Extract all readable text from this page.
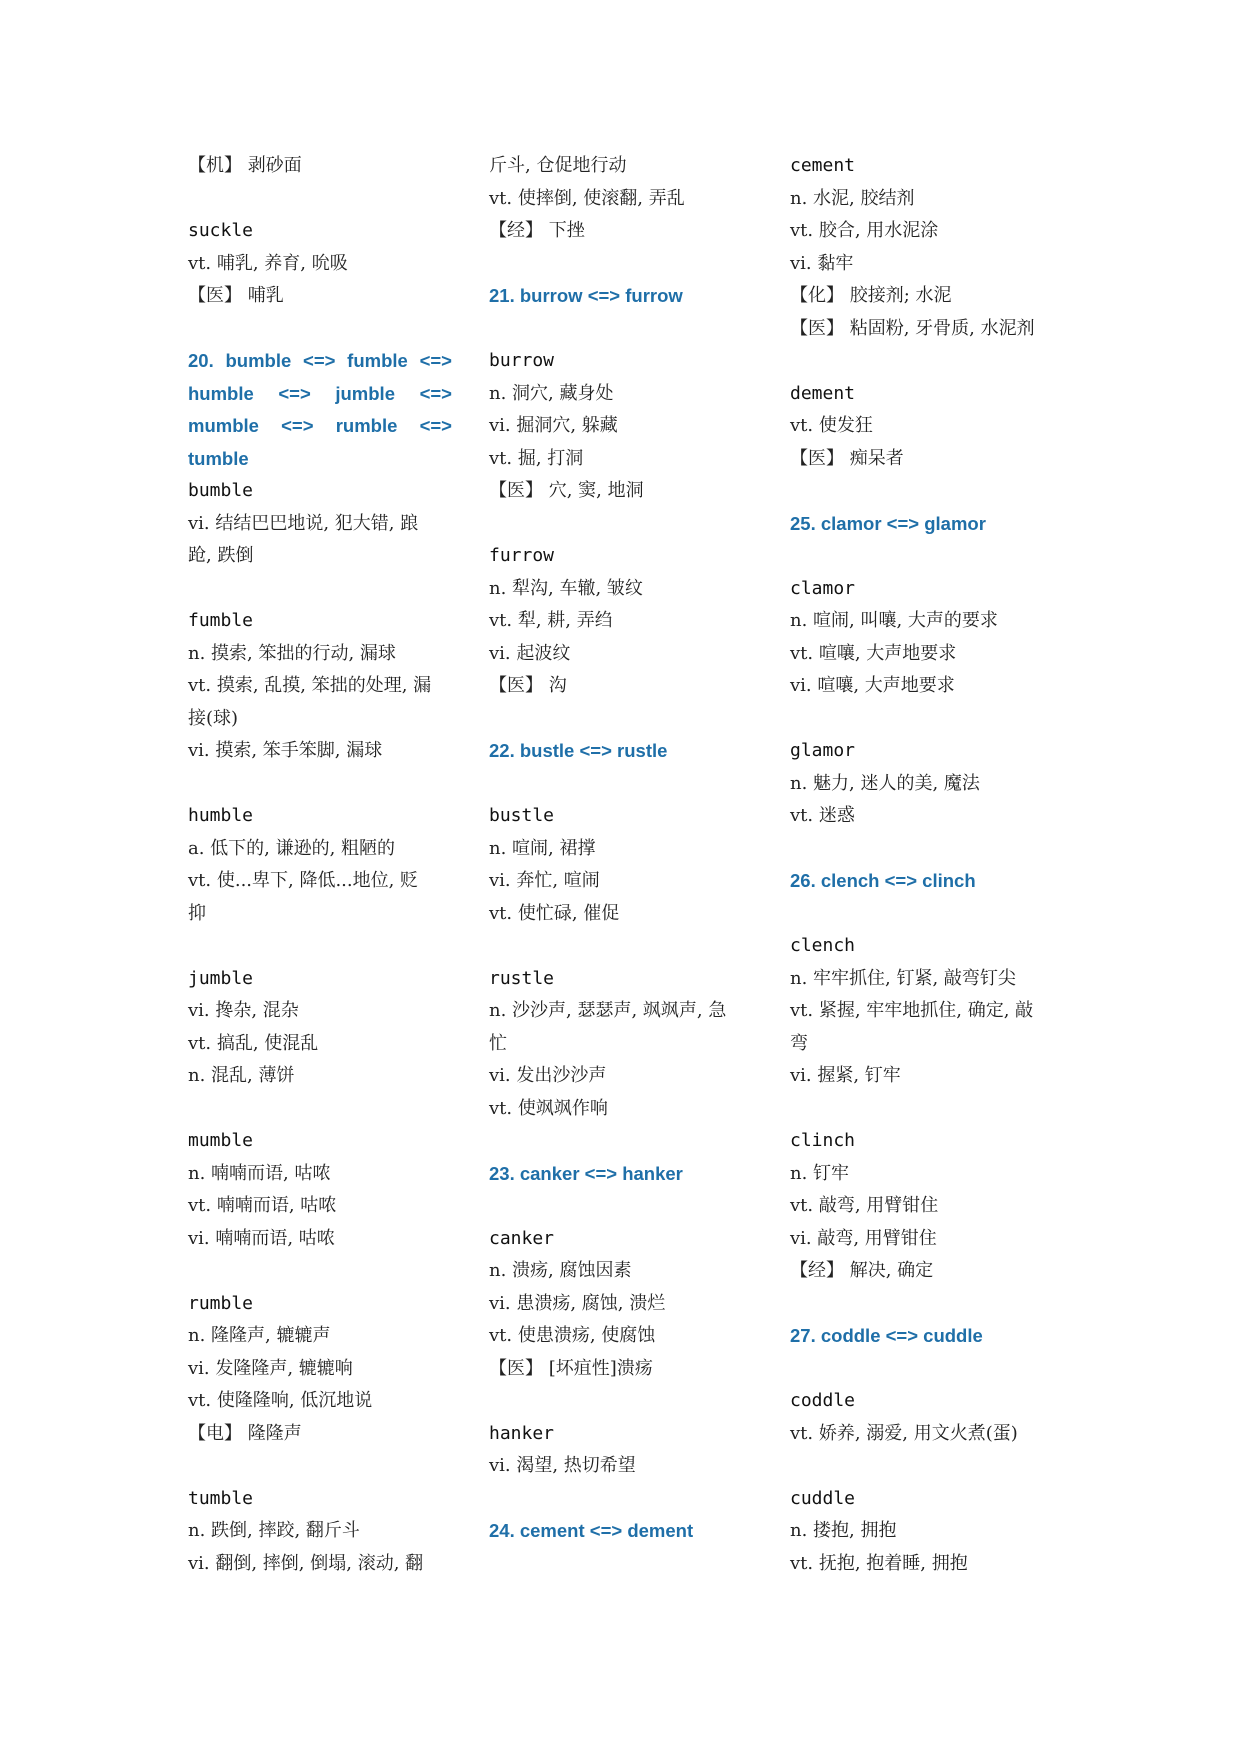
【机】 剥砂面
suckle
vt. 哺乳, 养育, 吮吸
【医】 哺乳
20. bumble <=> fumble <=>
humble <=> jumble <=>
mumble <=> rumble <=>
tumble
bumble
vi. 结结巴巴地说, 犯大错, 踉
跄, 跌倒
fumble
n. 摸索, 笨拙的行动, 漏球
vt. 摸索, 乱摸, 笨拙的处理, 漏
接(球)
vi. 摸索, 笨手笨脚, 漏球
humble
a. 低下的, 谦逊的, 粗陋的
vt. 使...卑下, 降低...地位, 贬
抑
jumble
vi. 搀杂, 混杂
vt. 搞乱, 使混乱
n. 混乱, 薄饼
mumble
n. 喃喃而语, 咕哝
vt. 喃喃而语, 咕哝
vi. 喃喃而语, 咕哝
rumble
n. 隆隆声, 辘辘声
vi. 发隆隆声, 辘辘响
vt. 使隆隆响, 低沉地说
【电】 隆隆声
tumble
n. 跌倒, 摔跤, 翻斤斗
vi. 翻倒, 摔倒, 倒塌, 滚动, 翻
斤斗, 仓促地行动
vt. 使摔倒, 使滚翻, 弄乱
【经】 下挫
21. burrow <=> furrow
burrow
n. 洞穴, 藏身处
vi. 掘洞穴, 躲藏
vt. 掘, 打洞
【医】 穴, 窦, 地洞
furrow
n. 犁沟, 车辙, 皱纹
vt. 犁, 耕, 弄绉
vi. 起波纹
【医】 沟
22. bustle <=> rustle
bustle
n. 喧闹, 裙撑
vi. 奔忙, 喧闹
vt. 使忙碌, 催促
rustle
n. 沙沙声, 瑟瑟声, 飒飒声, 急
忙
vi. 发出沙沙声
vt. 使飒飒作响
23. canker <=> hanker
canker
n. 溃疡, 腐蚀因素
vi. 患溃疡, 腐蚀, 溃烂
vt. 使患溃疡, 使腐蚀
【医】 [坏疽性]溃疡
hanker
vi. 渴望, 热切希望
24. cement <=> dement
cement
n. 水泥, 胶结剂
vt. 胶合, 用水泥涂
vi. 黏牢
【化】 胶接剂; 水泥
【医】 粘固粉, 牙骨质, 水泥剂
dement
vt. 使发狂
【医】 痴呆者
25. clamor <=> glamor
clamor
n. 喧闹, 叫嚷, 大声的要求
vt. 喧嚷, 大声地要求
vi. 喧嚷, 大声地要求
glamor
n. 魅力, 迷人的美, 魔法
vt. 迷惑
26. clench <=> clinch
clench
n. 牢牢抓住, 钉紧, 敲弯钉尖
vt. 紧握, 牢牢地抓住, 确定, 敲
弯
vi. 握紧, 钉牢
clinch
n. 钉牢
vt. 敲弯, 用臂钳住
vi. 敲弯, 用臂钳住
【经】 解决, 确定
27. coddle <=> cuddle
coddle
vt. 娇养, 溺爱, 用文火煮(蛋)
cuddle
n. 搂抱, 拥抱
vt. 抚抱, 抱着睡, 拥抱
